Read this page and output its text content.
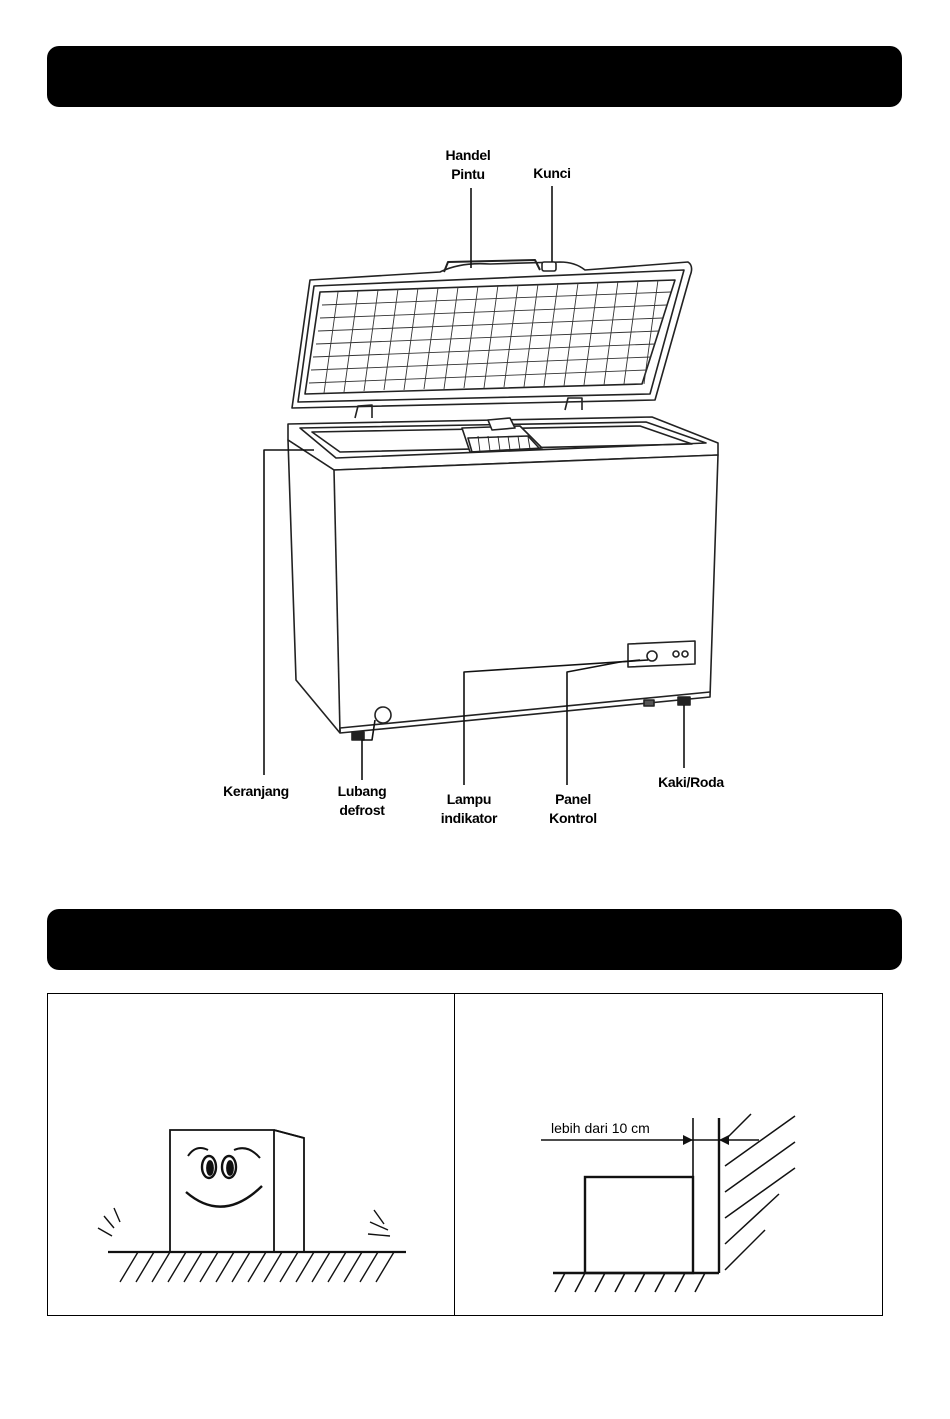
Handel
Pintu	Kunci
Keranjang	Lubang
defrost
Lampu
indikator
Panel
Kontrol
Kaki/Roda
lebih dari 10 cm
